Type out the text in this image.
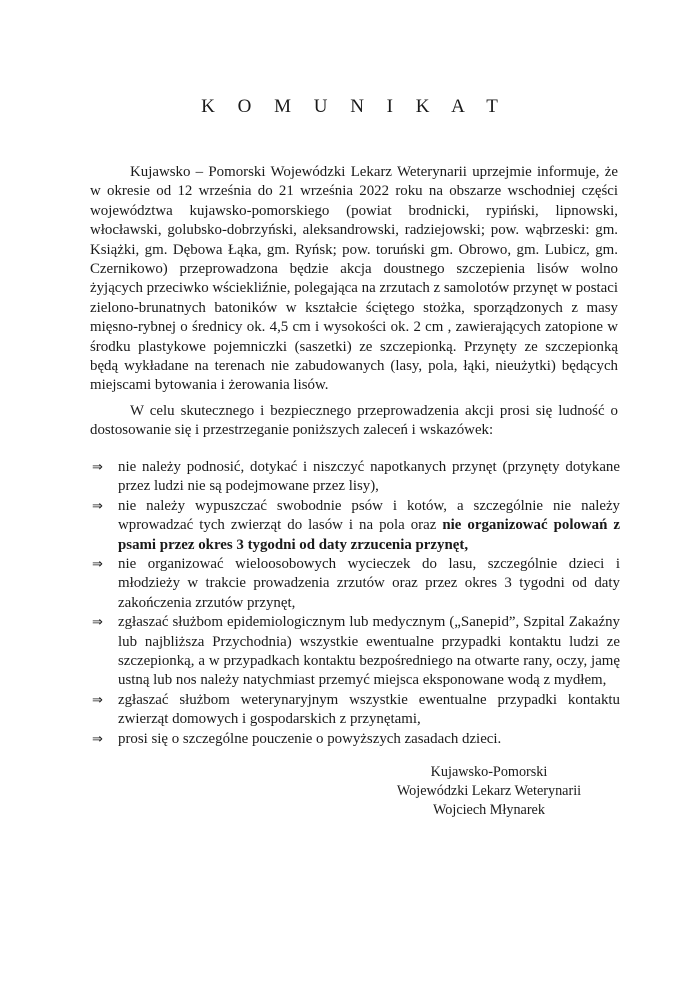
K O M U N I K A T

Kujawsko – Pomorski Wojewódzki Lekarz Weterynarii uprzejmie informuje, że w okresie od 12 września do 21 września 2022 roku na obszarze wschodniej części województwa kujawsko-pomorskiego (powiat brodnicki, rypiński, lipnowski, włocławski, golubsko-dobrzyński, aleksandrowski, radziejowski; pow. wąbrzeski: gm. Książki, gm. Dębowa Łąka, gm. Ryńsk; pow. toruński gm. Obrowo, gm. Lubicz, gm. Czernikowo) przeprowadzona będzie akcja doustnego szczepienia lisów wolno żyjących przeciwko wściekliźnie, polegająca na zrzutach z samolotów przynęt w postaci zielono-brunatnych batoników w kształcie ściętego stożka, sporządzonych z masy mięsno-rybnej o średnicy ok. 4,5 cm i wysokości ok. 2 cm , zawierających zatopione w środku plastykowe pojemniczki (saszetki) ze szczepionką. Przynęty ze szczepionką będą wykładane na terenach nie zabudowanych (lasy, pola, łąki, nieużytki) będących miejscami bytowania i żerowania lisów.

W celu skutecznego i bezpiecznego przeprowadzenia akcji prosi się ludność o dostosowanie się i przestrzeganie poniższych zaleceń i wskazówek:

⇒ nie należy podnosić, dotykać i niszczyć napotkanych przynęt (przynęty dotykane przez ludzi nie są podejmowane przez lisy),
⇒ nie należy wypuszczać swobodnie psów i kotów, a szczególnie nie należy wprowadzać tych zwierząt do lasów i na pola oraz nie organizować polowań z psami przez okres 3 tygodni od daty zrzucenia przynęt,
⇒ nie organizować wieloosobowych wycieczek do lasu, szczególnie dzieci i młodzieży w trakcie prowadzenia zrzutów oraz przez okres 3 tygodni od daty zakończenia zrzutów przynęt,
⇒ zgłaszać służbom epidemiologicznym lub medycznym („Sanepid”, Szpital Zakaźny lub najbliższa Przychodnia) wszystkie ewentualne przypadki kontaktu ludzi ze szczepionką, a w przypadkach kontaktu bezpośredniego na otwarte rany, oczy, jamę ustną lub nos należy natychmiast przemyć miejsca eksponowane wodą z mydłem,
⇒ zgłaszać służbom weterynaryjnym wszystkie ewentualne przypadki kontaktu zwierząt domowych i gospodarskich z przynętami,
⇒ prosi się o szczególne pouczenie o powyższych zasadach dzieci.
Kujawsko-Pomorski
Wojewódzki Lekarz Weterynarii
Wojciech Młynarek
